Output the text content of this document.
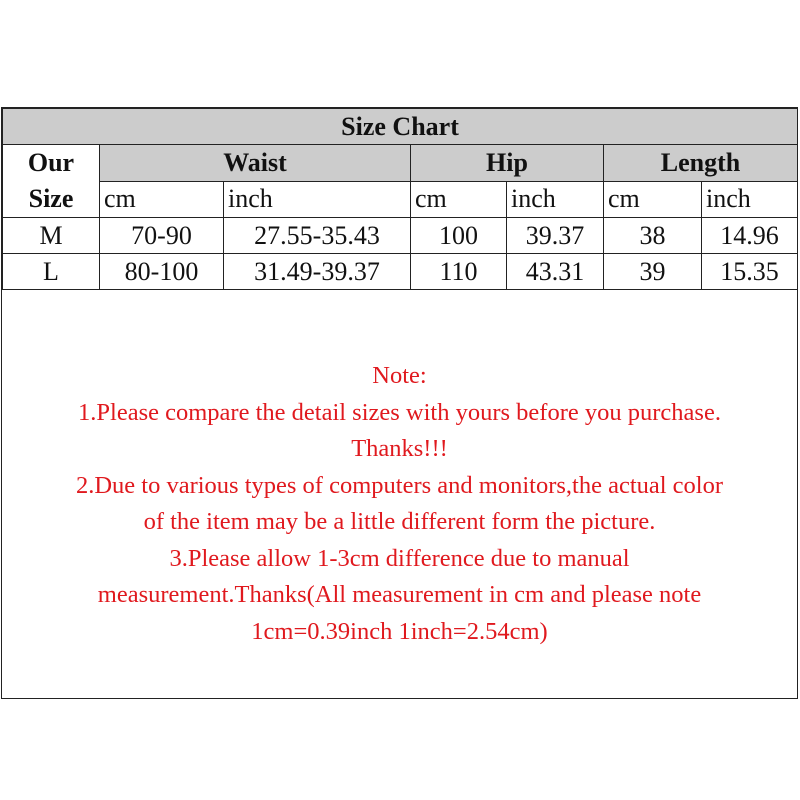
Size Chart						
Our
Size	Waist		Hip		Length	
	cm	inch	cm	inch	cm	inch
M	70-90	27.55-35.43	100	39.37	38	14.96
L	80-100	31.49-39.37	110	43.31	39	15.35
Note:
1.Please compare the detail sizes with yours before you purchase.
Thanks!!!
2.Due to various types of computers and monitors,the actual color
of the item may be a little different form the picture.
3.Please allow 1-3cm difference due to manual
measurement.Thanks(All measurement in cm and please note
1cm=0.39inch 1inch=2.54cm)
